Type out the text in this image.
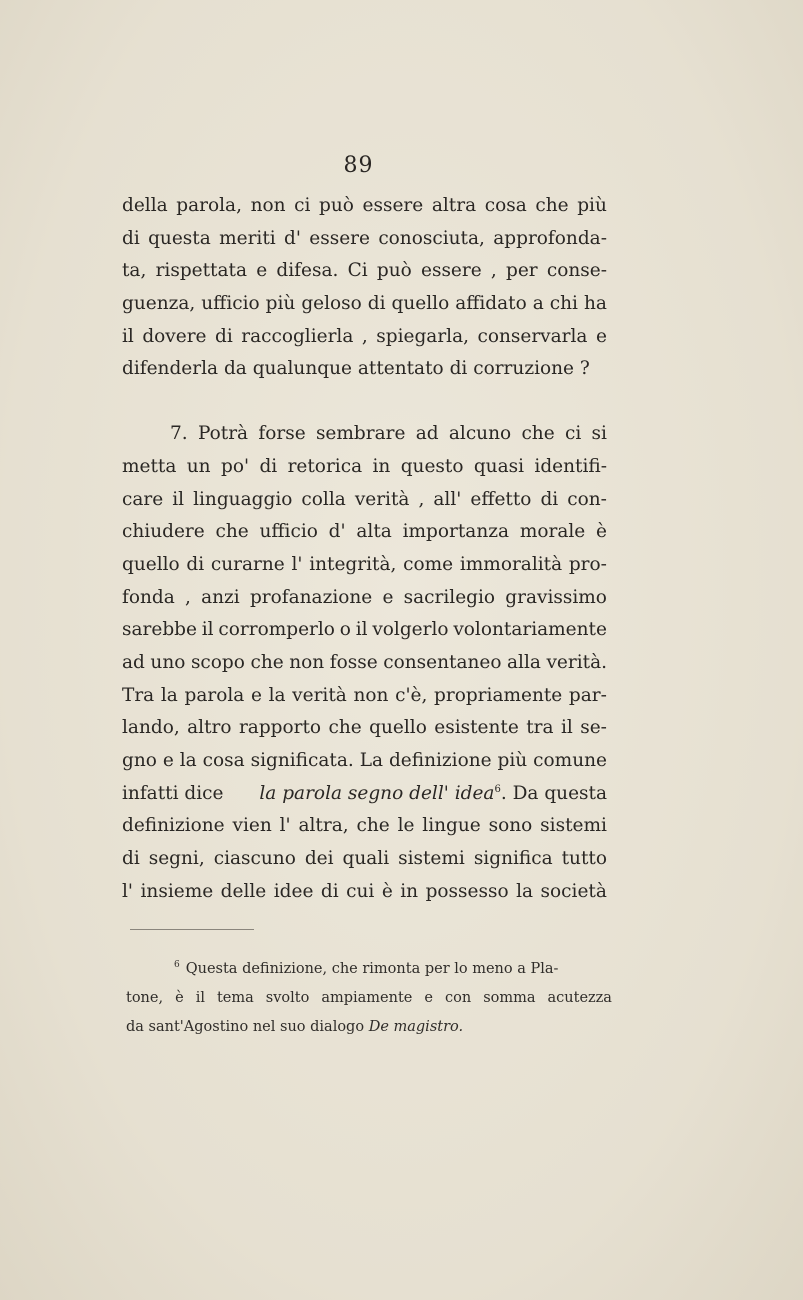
89
della parola, non ci può essere altra cosa che più
di questa meriti d' essere conosciuta, approfonda-
ta, rispettata e difesa. Ci può essere , per conse-
guenza, ufficio più geloso di quello affidato a chi ha
il dovere di raccoglierla , spiegarla, conservarla e
difenderla
da
qualunque
attentato
di
corruzione
?
7. Potrà forse sembrare ad alcuno che ci si
metta un po' di retorica in questo quasi identifi-
care il linguaggio colla verità , all' effetto di con-
chiudere che ufficio d' alta importanza morale è
quello di curarne l' integrità, come immoralità pro-
fonda , anzi profanazione e sacrilegio gravissimo
sarebbe il corromperlo o il volgerlo volontariamente
ad uno scopo che non fosse consentaneo alla verità.
Tra la parola e la verità non c'è, propriamente par-
lando, altro rapporto che quello esistente tra il se-
gno e la cosa significata. La definizione più comune
infatti dice la parola segno dell' idea$^6$. Da questa
definizione vien l' altra, che le lingue sono sistemi
di segni, ciascuno dei quali sistemi significa tutto
l' insieme delle idee di cui è in possesso la società
$^6$ Questa definizione, che rimonta per lo meno a Pla-
tone, è il tema svolto ampiamente e con somma acutezza
da sant'Agostino nel suo dialogo
De magistro.
